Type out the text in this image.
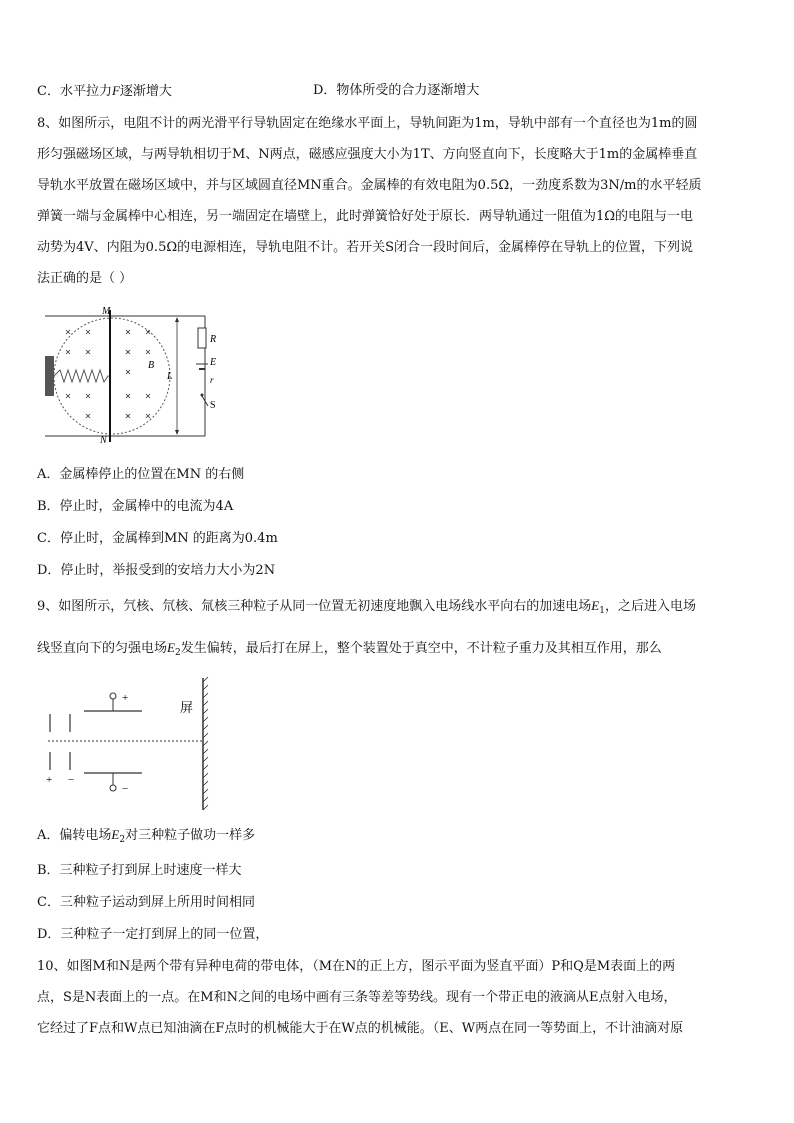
C．水平拉力F逐渐增大	D．物体所受的合力逐渐增大
8、如图所示，电阻不计的两光滑平行导轨固定在绝缘水平面上，导轨间距为1m，导轨中部有一个直径也为1m的圆
形匀强磁场区域，与两导轨相切于M、N两点，磁感应强度大小为1T、方向竖直向下，长度略大于1m的金属棒垂直
导轨水平放置在磁场区域中，并与区域圆直径MN重合。金属棒的有效电阻为0.5Ω，一劲度系数为3N/m的水平轻质
弹簧一端与金属棒中心相连，另一端固定在墙壁上，此时弹簧恰好处于原长．两导轨通过一阻值为1Ω的电阻与一电
动势为4V、内阻为0.5Ω的电源相连，导轨电阻不计。若开关S闭合一段时间后，金属棒停在导轨上的位置，下列说
法正确的是（ ）
M
N
B
L
R
E
r
S
A．金属棒停止的位置在MN 的右侧
B．停止时，金属棒中的电流为4A
C．停止时，金属棒到MN 的距离为0.4m
D．停止时，举报受到的安培力大小为2N
9、如图所示，氕核、氘核、氚核三种粒子从同一位置无初速度地飘入电场线水平向右的加速电场$E_1$，之后进入电场
线竖直向下的匀强电场$E_2$发生偏转，最后打在屏上，整个装置处于真空中，不计粒子重力及其相互作用，那么
屏
+
−
+ −
A．偏转电场$E_2$对三种粒子做功一样多
B．三种粒子打到屏上时速度一样大
C．三种粒子运动到屏上所用时间相同
D．三种粒子一定打到屏上的同一位置，
10、如图M和N是两个带有异种电荷的带电体，（M在N的正上方，图示平面为竖直平面）P和Q是M表面上的两
点，S是N表面上的一点。在M和N之间的电场中画有三条等差等势线。现有一个带正电的液滴从E点射入电场，
它经过了F点和W点已知油滴在F点时的机械能大于在W点的机械能。（E、W两点在同一等势面上，不计油滴对原
